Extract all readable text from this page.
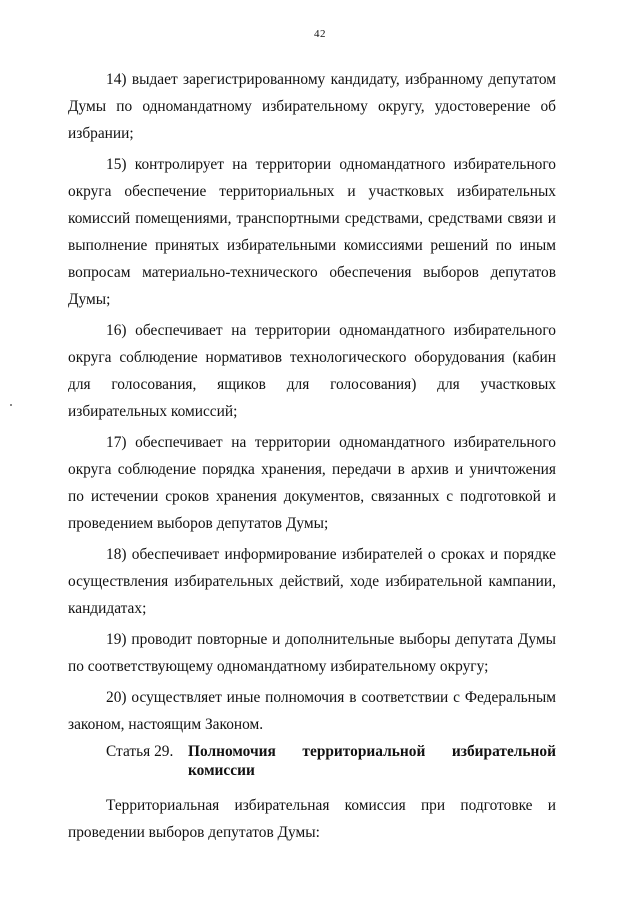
42

14) выдает зарегистрированному кандидату, избранному депутатом Думы по одномандатному избирательному округу, удостоверение об избрании;

15) контролирует на территории одномандатного избирательного округа обеспечение территориальных и участковых избирательных комиссий помещениями, транспортными средствами, средствами связи и выполнение принятых избирательными комиссиями решений по иным вопросам материально-технического обеспечения выборов депутатов Думы;

16) обеспечивает на территории одномандатного избирательного округа соблюдение нормативов технологического оборудования (кабин для голосования, ящиков для голосования) для участковых избирательных комиссий;

17) обеспечивает на территории одномандатного избирательного округа соблюдение порядка хранения, передачи в архив и уничтожения по истечении сроков хранения документов, связанных с подготовкой и проведением выборов депутатов Думы;

18) обеспечивает информирование избирателей о сроках и порядке осуществления избирательных действий, ходе избирательной кампании, кандидатах;

19) проводит повторные и дополнительные выборы депутата Думы по соответствующему одномандатному избирательному округу;

20) осуществляет иные полномочия в соответствии с Федеральным законом, настоящим Законом.

Статья 29. Полномочия территориальной избирательной комиссии

Территориальная избирательная комиссия при подготовке и проведении выборов депутатов Думы:
